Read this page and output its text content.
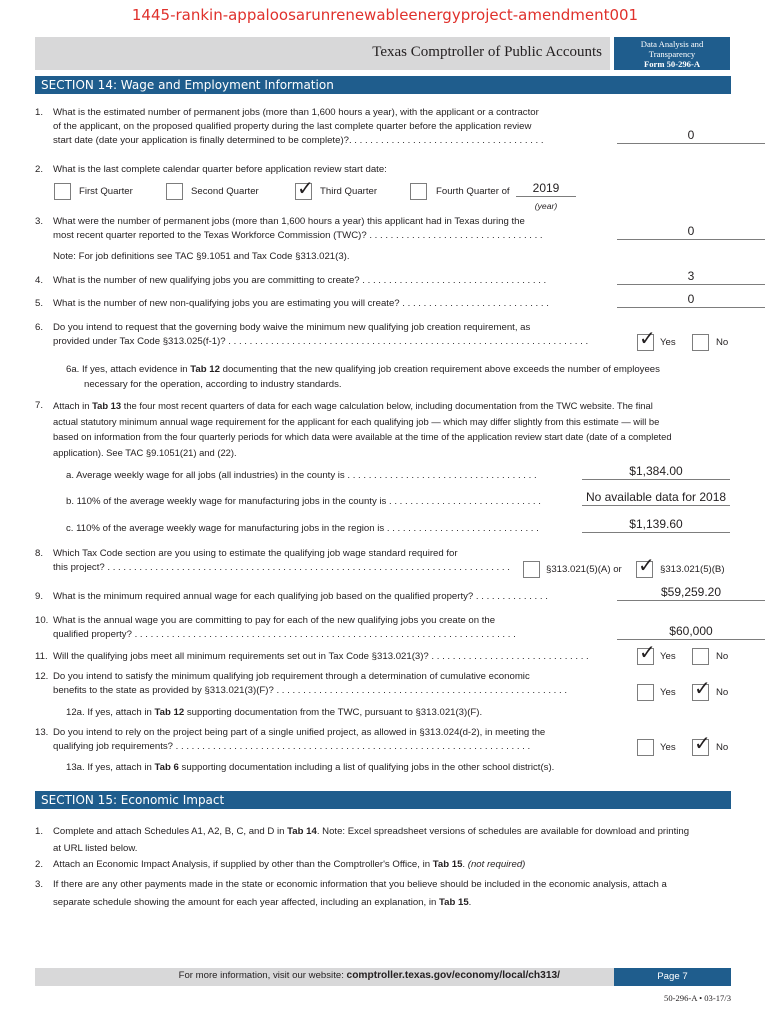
1445-rankin-appaloosarunrenewableenergyproject-amendment001
Texas Comptroller of Public Accounts	Data Analysis and
Transparency
Form 50-296-A
SECTION 14: Wage and Employment Information
1.	What is the estimated number of permanent jobs (more than 1,600 hours a year), with the applicant or a contractor
of the applicant, on the proposed qualified property during the last complete quarter before the application review
start date (date your application is finally determined to be complete)?. . . . . . . . . . . . . . . . . . . . . . . . . . . . . . . . . . . . .	0
2.	What is the last complete calendar quarter before application review start date:
First Quarter	Second Quarter ✓ Third Quarter	Fourth Quarter of	2019
(year)
3.	What were the number of permanent jobs (more than 1,600 hours a year) this applicant had in Texas during the
most recent quarter reported to the Texas Workforce Commission (TWC)? . . . . . . . . . . . . . . . . . . . . . . . . . . . . . . . . .	0
Note: For job definitions see TAC §9.1051 and Tax Code §313.021(3).
4.	What is the number of new qualifying jobs you are committing to create? . . . . . . . . . . . . . . . . . . . . . . . . . . . . . . . . . . .	3
5.	What is the number of new non-qualifying jobs you are estimating you will create? . . . . . . . . . . . . . . . . . . . . . . . . . . . .	0
6.	Do you intend to request that the governing body waive the minimum new qualifying job creation requirement, as
provided under Tax Code §313.025(f-1)? . . . . . . . . . . . . . . . . . . . . . . . . . . . . . . . . . . . . . . . . . . . . . . . . . . . . . . . . . . . . . . . . . . . .	✓ Yes	No
6a. If yes, attach evidence in Tab 12 documenting that the new qualifying job creation requirement above exceeds the number of employees
necessary for the operation, according to industry standards.
7.	Attach in Tab 13 the four most recent quarters of data for each wage calculation below, including documentation from the TWC website. The final
actual statutory minimum annual wage requirement for the applicant for each qualifying job — which may differ slightly from this estimate — will be
based on information from the four quarterly periods for which data were available at the time of the application review start date (date of a completed
application). See TAC §9.1051(21) and (22).
a. Average weekly wage for all jobs (all industries) in the county is . . . . . . . . . . . . . . . . . . . . . . . . . . . . . . . . . . . .	$1,384.00
b. 110% of the average weekly wage for manufacturing jobs in the county is . . . . . . . . . . . . . . . . . . . . . . . . . . . . .	No available data for 2018
c. 110% of the average weekly wage for manufacturing jobs in the region is . . . . . . . . . . . . . . . . . . . . . . . . . . . . .	$1,139.60
8.	Which Tax Code section are you using to estimate the qualifying job wage standard required for
this project? . . . . . . . . . . . . . . . . . . . . . . . . . . . . . . . . . . . . . . . . . . . . . . . . . . . . . . . . . . . . . . . . . . . . . . . . . . . .	§313.021(5)(A) or ✓ §313.021(5)(B)
9.	What is the minimum required annual wage for each qualifying job based on the qualified property? . . . . . . . . . . . . . .	$59,259.20
10. What is the annual wage you are committing to pay for each of the new qualifying jobs you create on the
qualified property? . . . . . . . . . . . . . . . . . . . . . . . . . . . . . . . . . . . . . . . . . . . . . . . . . . . . . . . . . . . . . . . . . . . . . . . .	$60,000
11. Will the qualifying jobs meet all minimum requirements set out in Tax Code §313.021(3)? . . . . . . . . . . . . . . . . . . . . . . . . . . . . . .	✓ Yes	No
12. Do you intend to satisfy the minimum qualifying job requirement through a determination of cumulative economic
benefits to the state as provided by §313.021(3)(F)? . . . . . . . . . . . . . . . . . . . . . . . . . . . . . . . . . . . . . . . . . . . . . . . . . . . . . . .	Yes ✓ No
12a. If yes, attach in Tab 12 supporting documentation from the TWC, pursuant to §313.021(3)(F).
13. Do you intend to rely on the project being part of a single unified project, as allowed in §313.024(d-2), in meeting the
qualifying job requirements? . . . . . . . . . . . . . . . . . . . . . . . . . . . . . . . . . . . . . . . . . . . . . . . . . . . . . . . . . . . . . . . . . . .	Yes ✓ No
13a. If yes, attach in Tab 6 supporting documentation including a list of qualifying jobs in the other school district(s).
SECTION 15: Economic Impact
1.	Complete and attach Schedules A1, A2, B, C, and D in Tab 14. Note: Excel spreadsheet versions of schedules are available for download and printing
at URL listed below.
2.	Attach an Economic Impact Analysis, if supplied by other than the Comptroller's Office, in Tab 15. (not required)
3.	If there are any other payments made in the state or economic information that you believe should be included in the economic analysis, attach a
separate schedule showing the amount for each year affected, including an explanation, in Tab 15.
For more information, visit our website: comptroller.texas.gov/economy/local/ch313/	Page 7
50-296-A • 03-17/3
